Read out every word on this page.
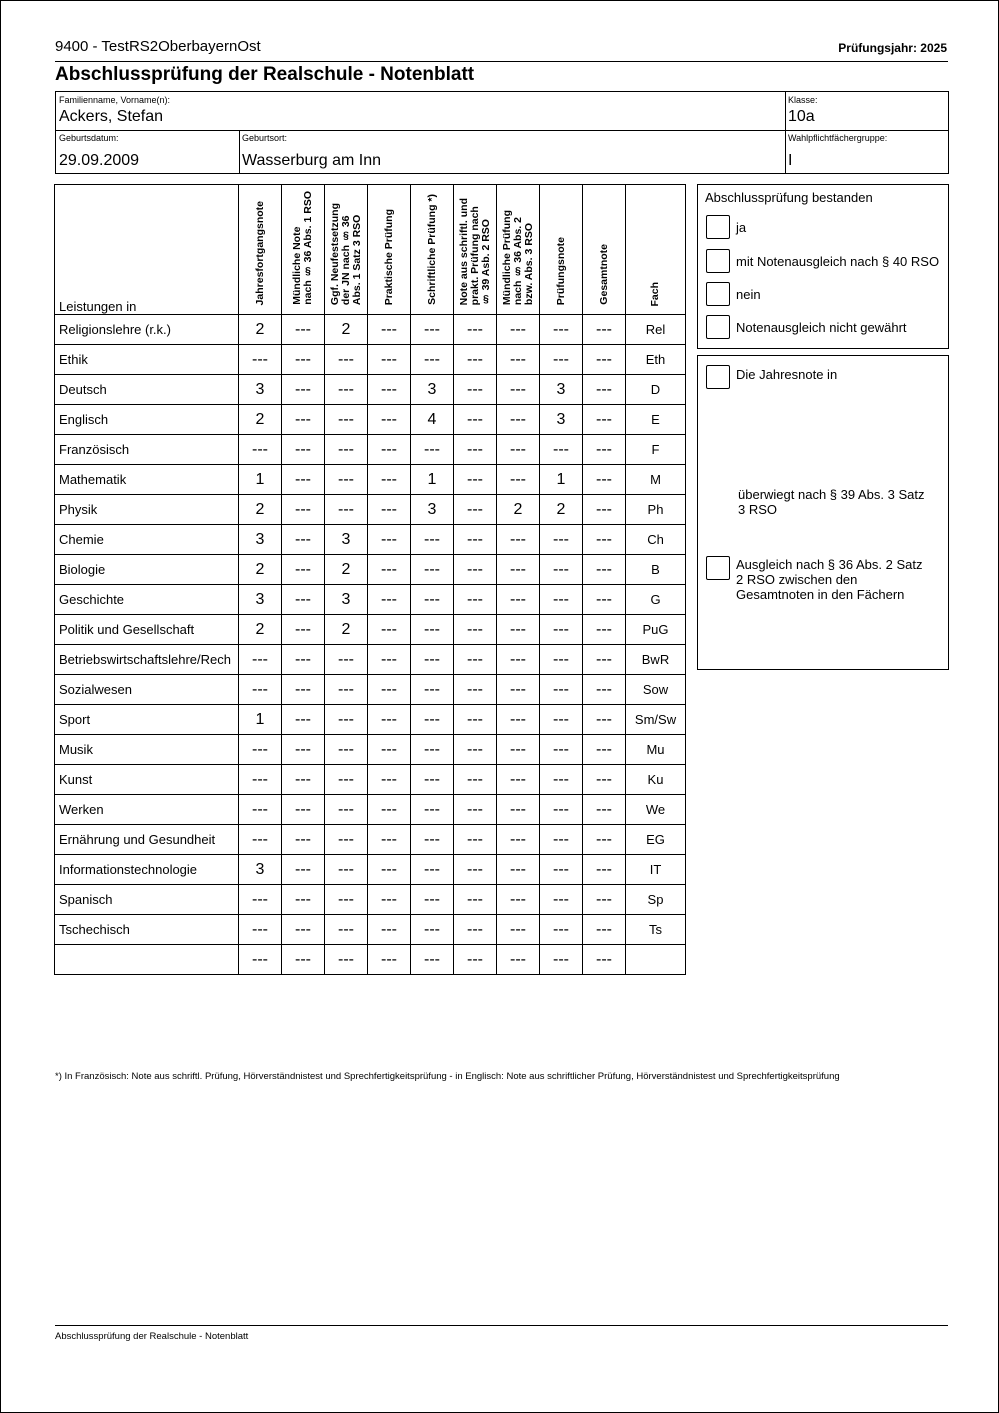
9400 - TestRS2OberbayernOst	Prüfungsjahr: 2025
Abschlussprüfung der Realschule - Notenblatt
Familienname, Vorname(n):
Ackers, Stefan
Klasse:
10a
Geburtsdatum:
29.09.2009
Geburtsort:
Wasserburg am Inn
Wahlpflichtfächergruppe:
I
Leistungen in	Jahresfortgangsnote	Mündliche Note
nach § 36 Abs. 1 RSO	Ggf. Neufestsetzung
der JN nach § 36
Abs. 1 Satz 3 RSO	Praktische Prüfung	Schriftliche Prüfung *)	Note aus schriftl. und
prakt. Prüfung nach
§ 39 Asb. 2 RSO	Mündliche Prüfung
nach § 36 Abs. 2
bzw. Abs. 3 RSO	Prüfungsnote	Gesamtnote	Fach
Religionslehre (r.k.)	2	---	2	---	---	---	---	---	---	Rel
Ethik	---	---	---	---	---	---	---	---	---	Eth
Deutsch	3	---	---	---	3	---	---	3	---	D
Englisch	2	---	---	---	4	---	---	3	---	E
Französisch	---	---	---	---	---	---	---	---	---	F
Mathematik	1	---	---	---	1	---	---	1	---	M
Physik	2	---	---	---	3	---	2	2	---	Ph
Chemie	3	---	3	---	---	---	---	---	---	Ch
Biologie	2	---	2	---	---	---	---	---	---	B
Geschichte	3	---	3	---	---	---	---	---	---	G
Politik und Gesellschaft	2	---	2	---	---	---	---	---	---	PuG
Betriebswirtschaftslehre/Rech	---	---	---	---	---	---	---	---	---	BwR
Sozialwesen	---	---	---	---	---	---	---	---	---	Sow
Sport	1	---	---	---	---	---	---	---	---	Sm/Sw
Musik	---	---	---	---	---	---	---	---	---	Mu
Kunst	---	---	---	---	---	---	---	---	---	Ku
Werken	---	---	---	---	---	---	---	---	---	We
Ernährung und Gesundheit	---	---	---	---	---	---	---	---	---	EG
Informationstechnologie	3	---	---	---	---	---	---	---	---	IT
Spanisch	---	---	---	---	---	---	---	---	---	Sp
Tschechisch	---	---	---	---	---	---	---	---	---	Ts
	---	---	---	---	---	---	---	---	---	
Abschlussprüfung bestanden
ja
mit Notenausgleich nach § 40 RSO
nein
Notenausgleich nicht gewährt
Die Jahresnote in
überwiegt nach § 39 Abs. 3 Satz
3 RSO
Ausgleich nach § 36 Abs. 2 Satz
2 RSO zwischen den
Gesamtnoten in den Fächern
*) In Französisch: Note aus schriftl. Prüfung, Hörverständnistest und Sprechfertigkeitsprüfung - in Englisch: Note aus schriftlicher Prüfung, Hörverständnistest und Sprechfertigkeitsprüfung
Abschlussprüfung der Realschule - Notenblatt
